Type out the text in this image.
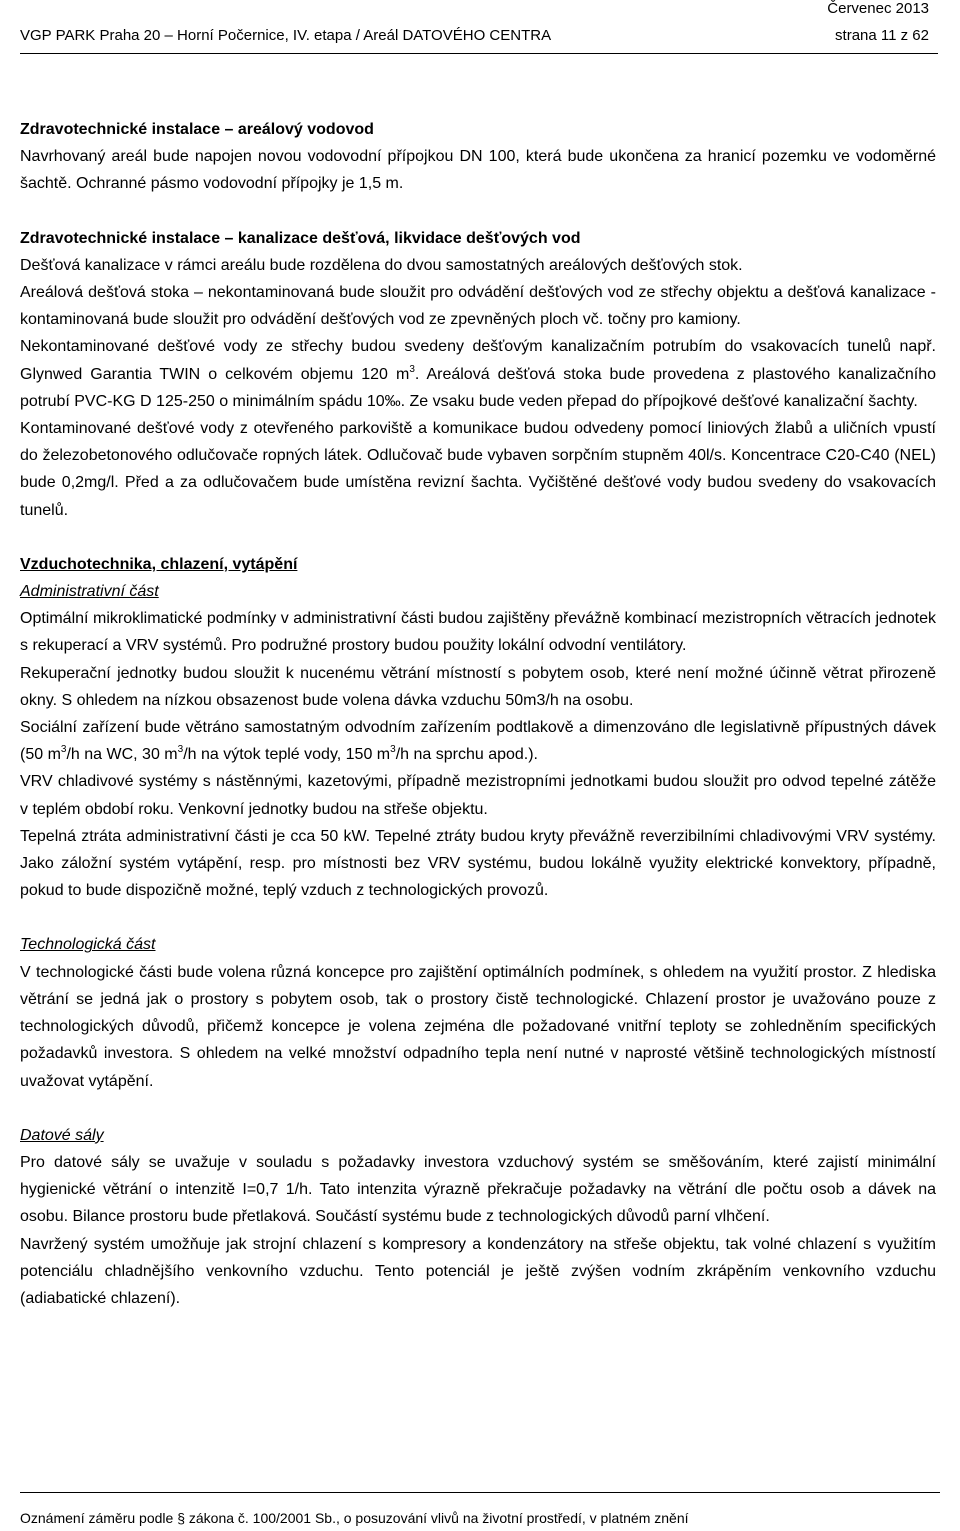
Červenec 2013
VGP PARK Praha 20 – Horní Počernice, IV. etapa / Areál DATOVÉHO CENTRA	strana 11 z 62
Zdravotechnické instalace – areálový vodovod

Navrhovaný areál bude napojen novou vodovodní přípojkou DN 100, která bude ukončena za hranicí pozemku ve vodoměrné šachtě. Ochranné pásmo vodovodní přípojky je 1,5 m.

Zdravotechnické instalace – kanalizace dešťová, likvidace dešťových vod

Dešťová kanalizace v rámci areálu bude rozdělena do dvou samostatných areálových dešťových stok.

Areálová dešťová stoka – nekontaminovaná bude sloužit pro odvádění dešťových vod ze střechy objektu a dešťová kanalizace - kontaminovaná bude sloužit pro odvádění dešťových vod ze zpevněných ploch vč. točny pro kamiony.

Nekontaminované dešťové vody ze střechy budou svedeny dešťovým kanalizačním potrubím do vsakovacích tunelů např. Glynwed Garantia TWIN o celkovém objemu 120 $m^3$. Areálová dešťová stoka bude provedena z plastového kanalizačního potrubí PVC-KG D 125-250 o minimálním spádu 10‰. Ze vsaku bude veden přepad do přípojkové dešťové kanalizační šachty.

Kontaminované dešťové vody z otevřeného parkoviště a komunikace budou odvedeny pomocí liniových žlabů a uličních vpustí do železobetonového odlučovače ropných látek. Odlučovač bude vybaven sorpčním stupněm 40l/s. Koncentrace C20-C40 (NEL) bude 0,2mg/l. Před a za odlučovačem bude umístěna revizní šachta. Vyčištěné dešťové vody budou svedeny do vsakovacích tunelů.

Vzduchotechnika, chlazení, vytápění
Administrativní část

Optimální mikroklimatické podmínky v administrativní části budou zajištěny převážně kombinací mezistropních větracích jednotek s rekuperací a VRV systémů. Pro podružné prostory budou použity lokální odvodní ventilátory.

Rekuperační jednotky budou sloužit k nucenému větrání místností s pobytem osob, které není možné účinně větrat přirozeně okny. S ohledem na nízkou obsazenost bude volena dávka vzduchu 50m3/h na osobu.

Sociální zařízení bude větráno samostatným odvodním zařízením podtlakově a dimenzováno dle legislativně přípustných dávek (50 $m^3/h$ na WC, 30 $m^3/h$ na výtok teplé vody, 150 $m^3/h$ na sprchu apod.).

VRV chladivové systémy s nástěnnými, kazetovými, případně mezistropními jednotkami budou sloužit pro odvod tepelné zátěže v teplém období roku. Venkovní jednotky budou na střeše objektu.

Tepelná ztráta administrativní části je cca 50 kW. Tepelné ztráty budou kryty převážně reverzibilními chladivovými VRV systémy. Jako záložní systém vytápění, resp. pro místnosti bez VRV systému, budou lokálně využity elektrické konvektory, případně, pokud to bude dispozičně možné, teplý vzduch z technologických provozů.

Technologická část

V technologické části bude volena různá koncepce pro zajištění optimálních podmínek, s ohledem na využití prostor. Z hlediska větrání se jedná jak o prostory s pobytem osob, tak o prostory čistě technologické. Chlazení prostor je uvažováno pouze z technologických důvodů, přičemž koncepce je volena zejména dle požadované vnitřní teploty se zohledněním specifických požadavků investora. S ohledem na velké množství odpadního tepla není nutné v naprosté většině technologických místností uvažovat vytápění.

Datové sály

Pro datové sály se uvažuje v souladu s požadavky investora vzduchový systém se směšováním, které zajistí minimální hygienické větrání o intenzitě I=0,7 1/h. Tato intenzita výrazně překračuje požadavky na větrání dle počtu osob a dávek na osobu. Bilance prostoru bude přetlaková. Součástí systému bude z technologických důvodů parní vlhčení.

Navržený systém umožňuje jak strojní chlazení s kompresory a kondenzátory na střeše objektu, tak volné chlazení s využitím potenciálu chladnějšího venkovního vzduchu. Tento potenciál je ještě zvýšen vodním zkrápěním venkovního vzduchu (adiabatické chlazení).

Oznámení záměru podle § zákona č. 100/2001 Sb., o posuzování vlivů na životní prostředí, v platném znění
